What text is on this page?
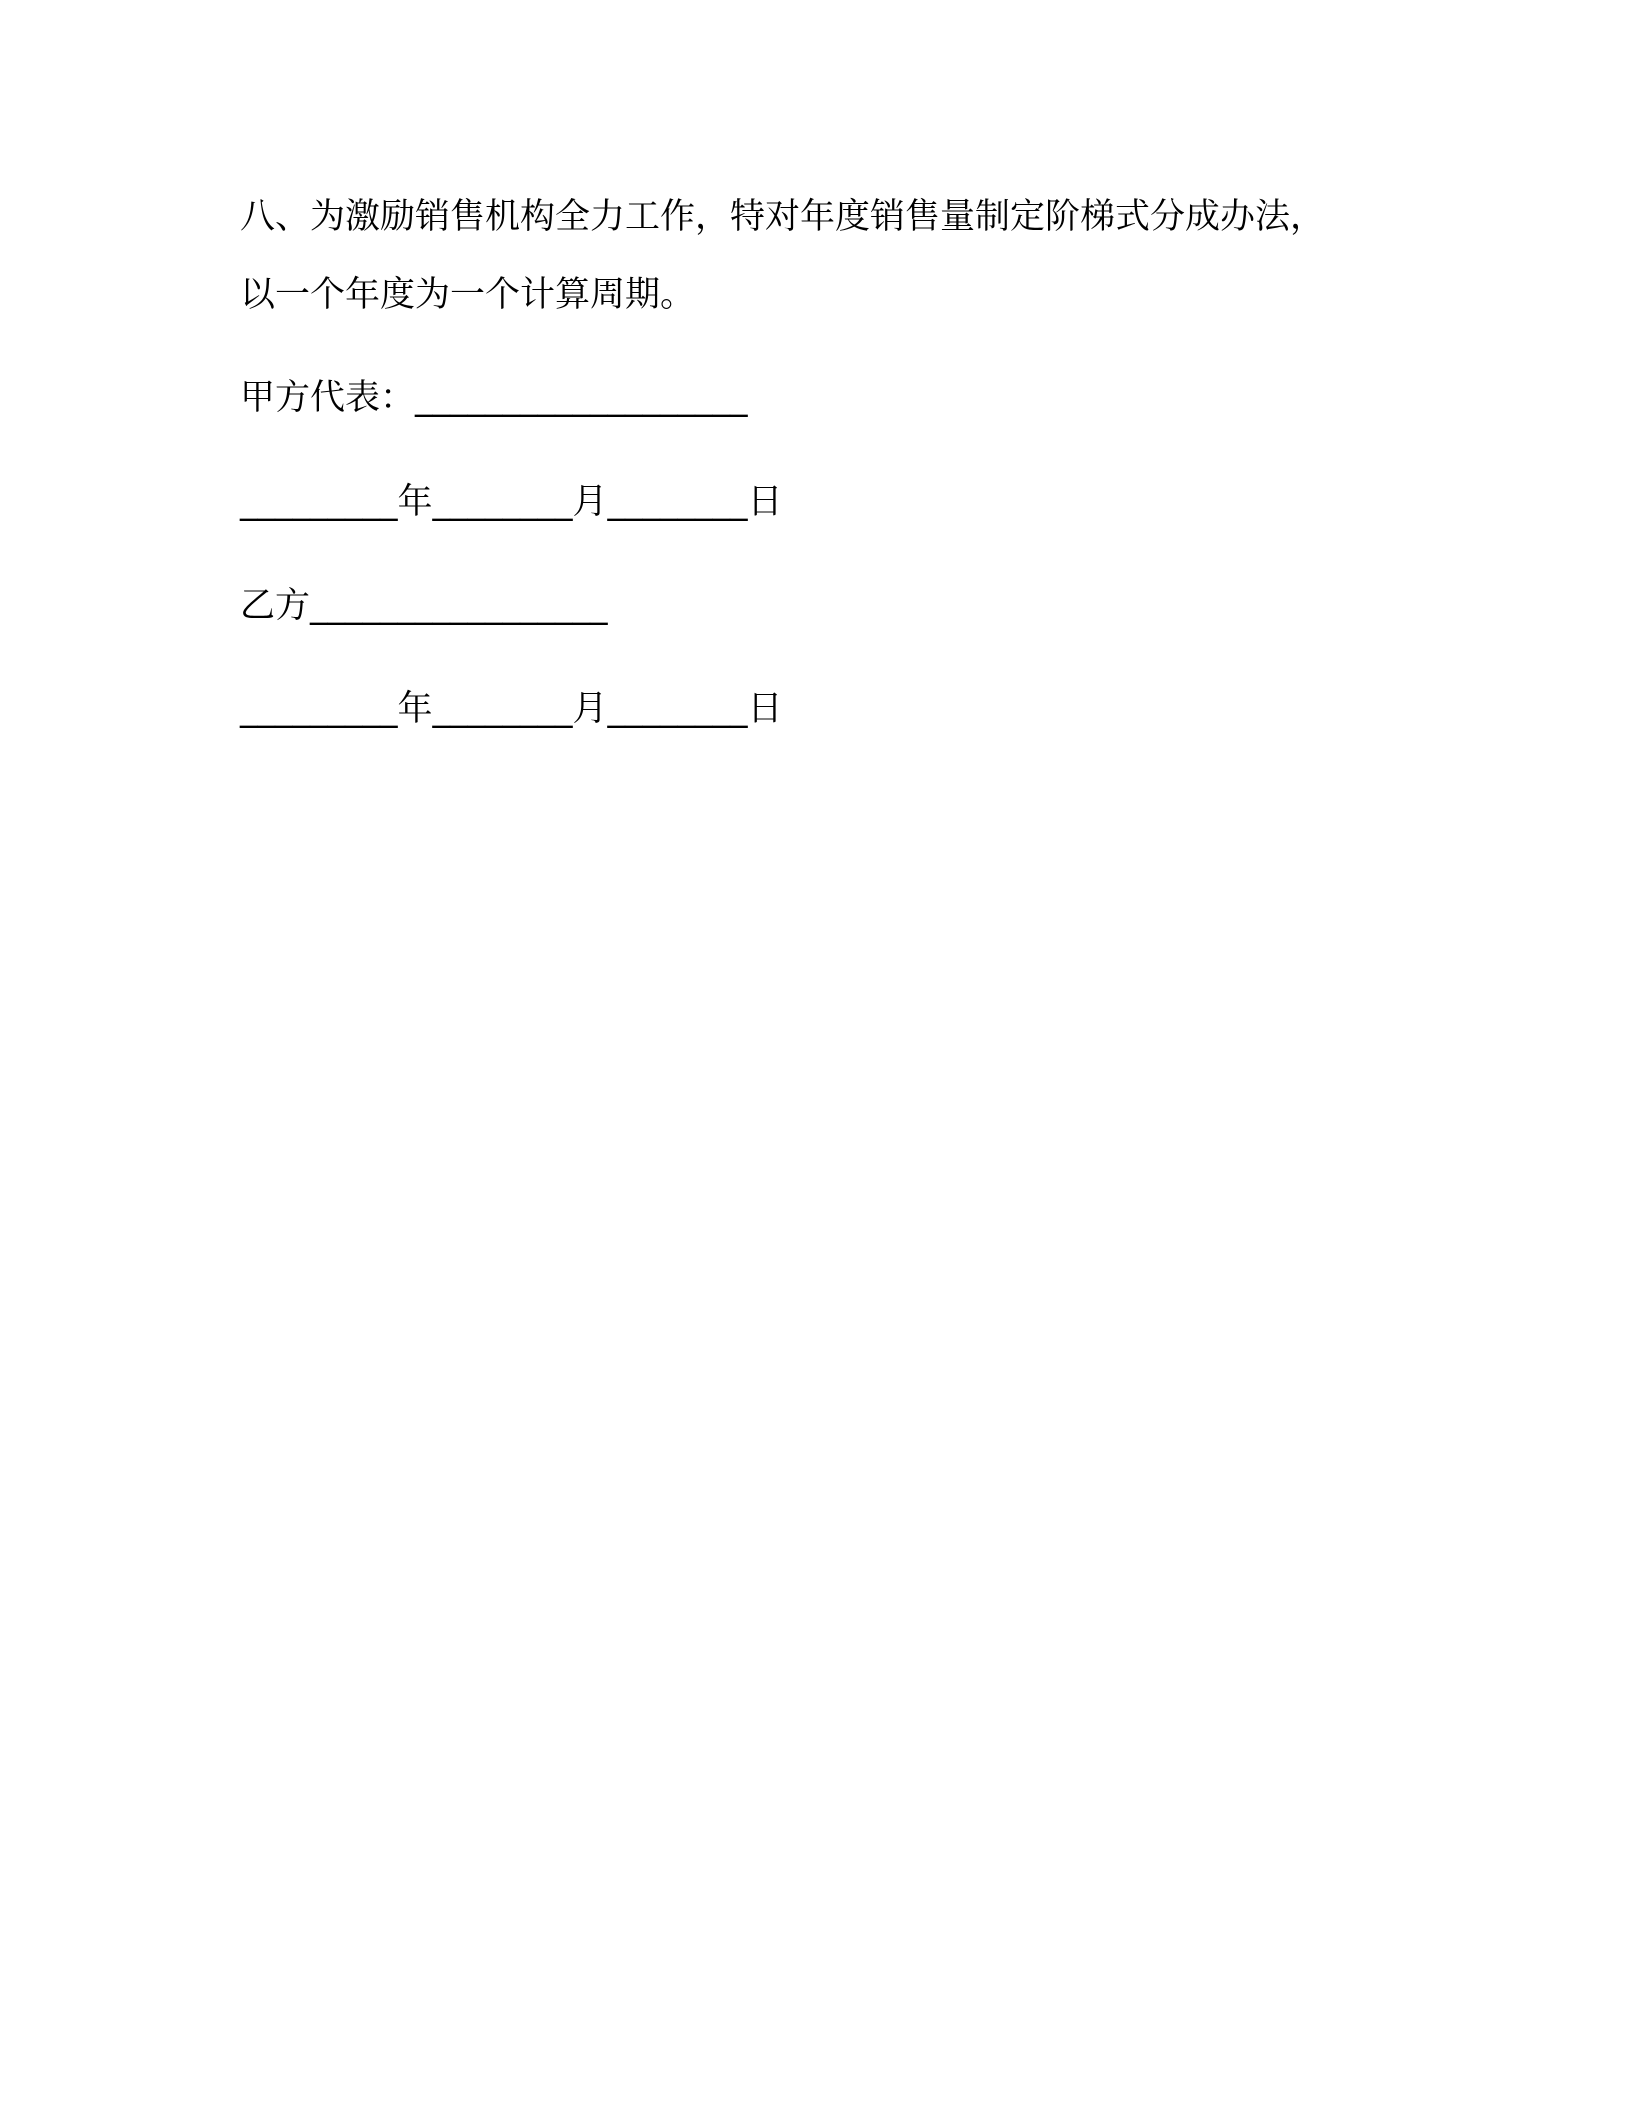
八、为激励销售机构全力工作，特对年度销售量制定阶梯式分成办法，
以一个年度为一个计算周期。
甲方代表：___________________
_________年________月________日
乙方_________________
_________年________月________日
